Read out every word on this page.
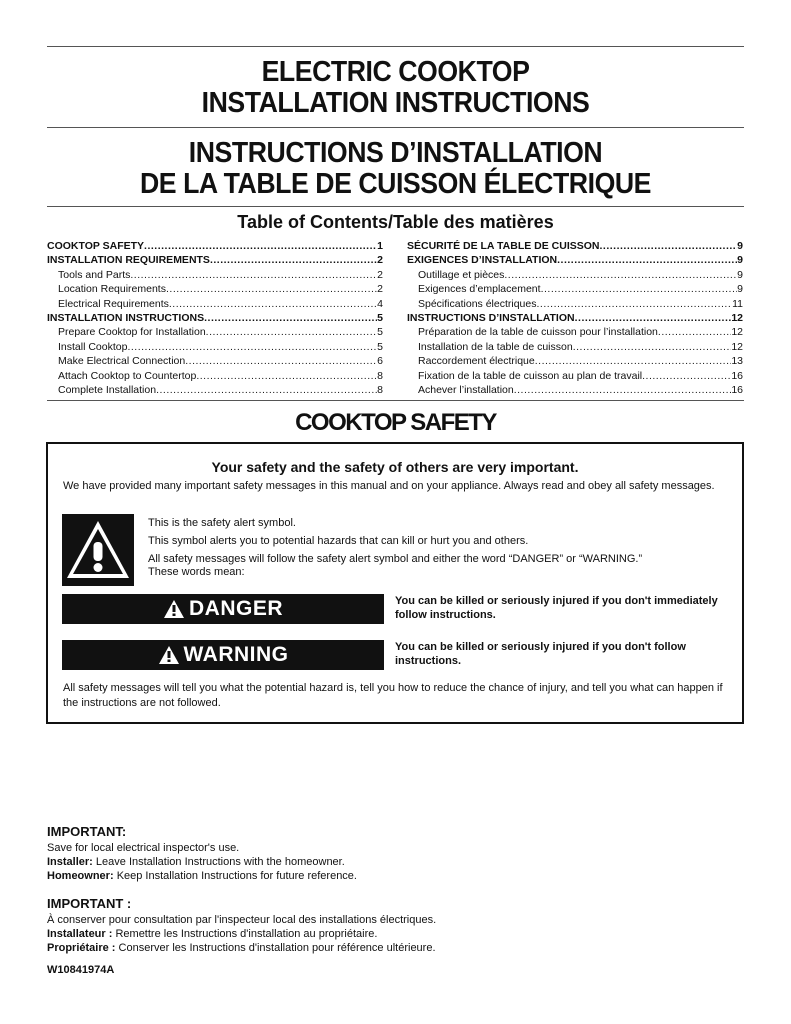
ELECTRIC COOKTOP
INSTALLATION INSTRUCTIONS
INSTRUCTIONS D’INSTALLATION
DE LA TABLE DE CUISSON ÉLECTRIQUE
Table of Contents/Table des matières
COOKTOP SAFETY .....	1
INSTALLATION REQUIREMENTS .....	2
Tools and Parts .....	2
Location Requirements .....	2
Electrical Requirements .....	4
INSTALLATION INSTRUCTIONS .....	5
Prepare Cooktop for Installation .....	5
Install Cooktop .....	5
Make Electrical Connection .....	6
Attach Cooktop to Countertop .....	8
Complete Installation .....	8
SÉCURITÉ DE LA TABLE DE CUISSON .....	9
EXIGENCES D’INSTALLATION .....	9
Outillage et pièces .....	9
Exigences d’emplacement .....	9
Spécifications électriques .....	11
INSTRUCTIONS D’INSTALLATION .....	12
Préparation de la table de cuisson pour l’installation .....	12
Installation de la table de cuisson .....	12
Raccordement électrique .....	13
Fixation de la table de cuisson au plan de travail .....	16
Achever l’installation .....	16
COOKTOP SAFETY
Your safety and the safety of others are very important.
We have provided many important safety messages in this manual and on your appliance. Always read and obey all safety messages.
This is the safety alert symbol.
This symbol alerts you to potential hazards that can kill or hurt you and others.
All safety messages will follow the safety alert symbol and either the word “DANGER” or “WARNING.”
These words mean:
DANGER	You can be killed or seriously injured if you don't immediately follow instructions.
WARNING	You can be killed or seriously injured if you don't follow instructions.
All safety messages will tell you what the potential hazard is, tell you how to reduce the chance of injury, and tell you what can happen if the instructions are not followed.
IMPORTANT:
Save for local electrical inspector's use.
Installer: Leave Installation Instructions with the homeowner.
Homeowner: Keep Installation Instructions for future reference.
IMPORTANT :
À conserver pour consultation par l'inspecteur local des installations électriques.
Installateur : Remettre les Instructions d'installation au propriétaire.
Propriétaire : Conserver les Instructions d'installation pour référence ultérieure.
W10841974A
